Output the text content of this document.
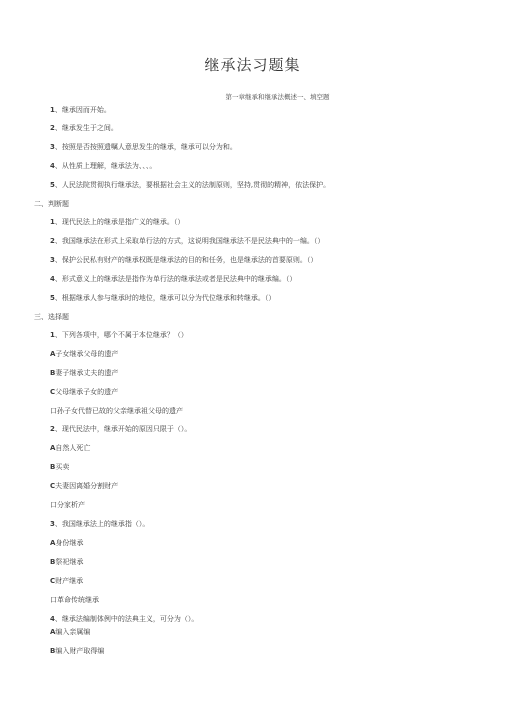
继承法习题集
第一章继承和继承法概述一、填空题
1、继承因而开始。
2、继承发生于之间。
3、按照是否按照遗嘱人意思发生的继承，继承可以分为和。
4、从性质上理解，继承法为、、、。
5、人民法院贯彻执行继承法，要根据社会主义的法制原则，坚持,贯彻的精神，依法保护。
二、判断题
1、现代民法上的继承是指广义的继承。（）
2、我国继承法在形式上采取单行法的方式，这说明我国继承法不是民法典中的一编。（）
3、保护公民私有财产的继承权既是继承法的目的和任务，也是继承法的首要原则。（）
4、形式意义上的继承法是指作为单行法的继承法或者是民法典中的继承编。（）
5、根据继承人参与继承时的地位，继承可以分为代位继承和转继承。（）
三、选择题
1、下列各项中，哪个不属于本位继承？（）
A子女继承父母的遗产
B妻子继承丈夫的遗产
C父母继承子女的遗产
口孙子女代替已故的父亲继承祖父母的遗产
2、现代民法中，继承开始的原因只限于（）。
A自然人死亡
B买卖
C夫妻因离婚分割财产
口分家析产
3、我国继承法上的继承指（）。
A身份继承
B祭祀继承
C财产继承
口革命传统继承
4、继承法编制体例中的法典主义，可分为（）。
A编入亲属编
B编入财产取得编
